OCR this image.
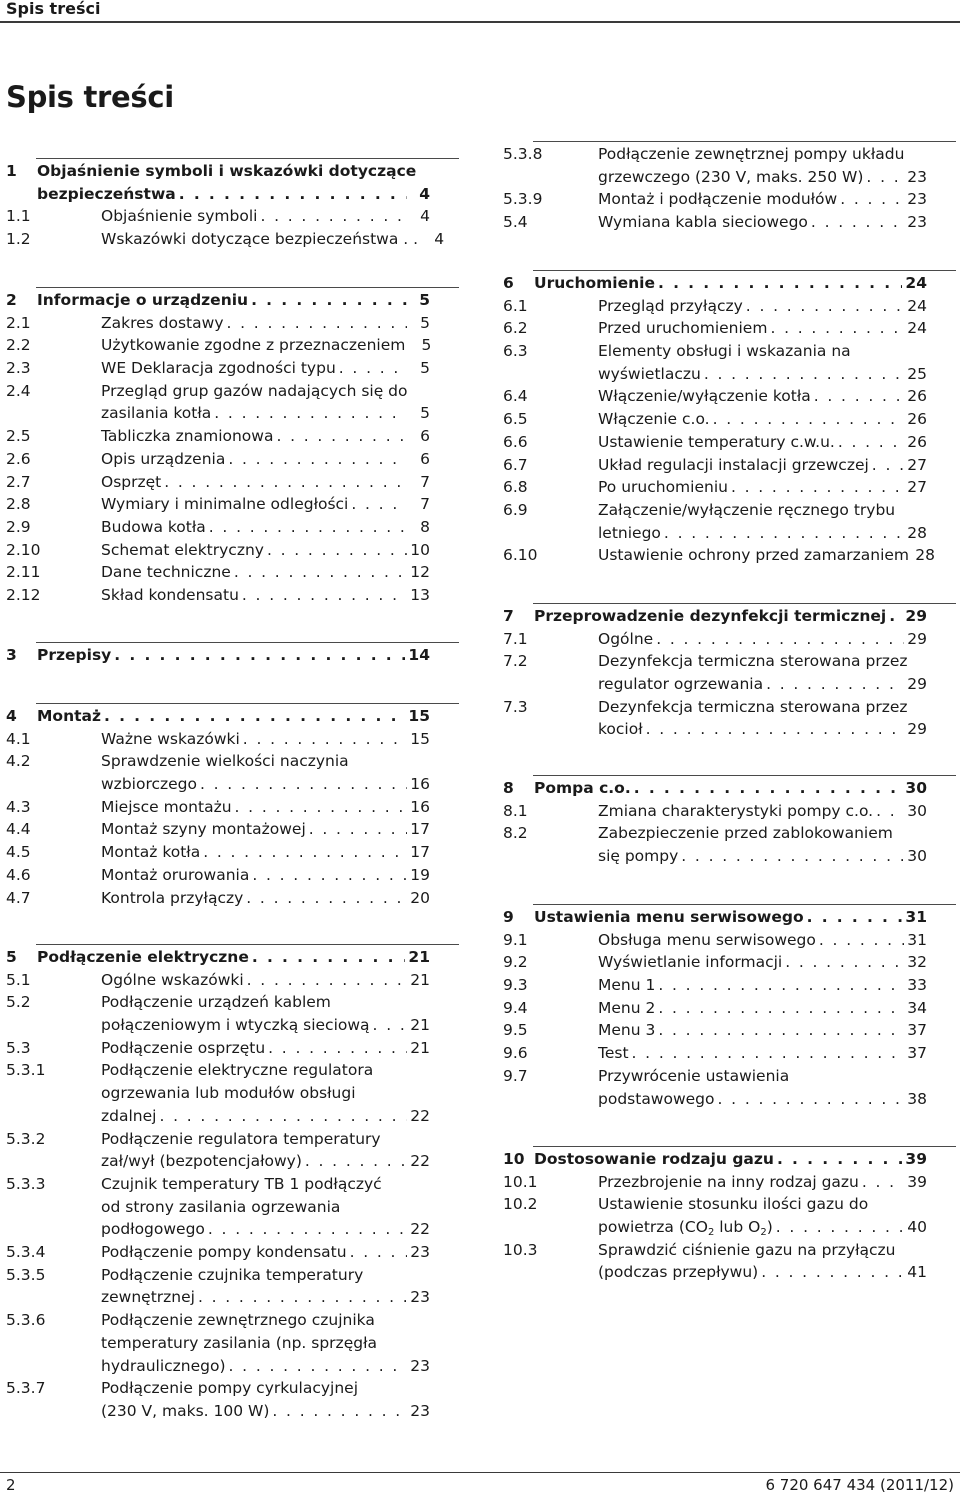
Spis treści
Spis treści
1	Objaśnienie symboli i wskazówki dotyczące
bezpieczeństwa . . .	4
1.1	Objaśnienie symboli . . .	4
1.2	Wskazówki dotyczące bezpieczeństwa . .	4
2	Informacje o urządzeniu . . .	5
2.1	Zakres dostawy . . .	5
2.2	Użytkowanie zgodne z przeznaczeniem	5
2.3	WE Deklaracja zgodności typu . . .	5
2.4	Przegląd grup gazów nadających się do
zasilania kotła . . .	5
2.5	Tabliczka znamionowa . . .	6
2.6	Opis urządzenia . . .	6
2.7	Osprzęt . . .	7
2.8	Wymiary i minimalne odległości . . .	7
2.9	Budowa kotła . . .	8
2.10	Schemat elektryczny . . .	10
2.11	Dane techniczne . . .	12
2.12	Skład kondensatu . . .	13
3	Przepisy . . .	14
4	Montaż . . .	15
4.1	Ważne wskazówki . . .	15
4.2	Sprawdzenie wielkości naczynia
wzbiorczego . . .	16
4.3	Miejsce montażu . . .	16
4.4	Montaż szyny montażowej . . .	17
4.5	Montaż kotła . . .	17
4.6	Montaż orurowania . . .	19
4.7	Kontrola przyłączy . . .	20
5	Podłączenie elektryczne . . .	21
5.1	Ogólne wskazówki . . .	21
5.2	Podłączenie urządzeń kablem
połączeniowym i wtyczką sieciową . . .	21
5.3	Podłączenie osprzętu . . .	21
5.3.1	Podłączenie elektryczne regulatora
ogrzewania lub modułów obsługi
zdalnej . . .	22
5.3.2	Podłączenie regulatora temperatury
zał/wył (bezpotencjałowy) . . .	22
5.3.3	Czujnik temperatury TB 1 podłączyć
od strony zasilania ogrzewania
podłogowego . . .	22
5.3.4	Podłączenie pompy kondensatu . . .	23
5.3.5	Podłączenie czujnika temperatury
zewnętrznej . . .	23
5.3.6	Podłączenie zewnętrznego czujnika
temperatury zasilania (np. sprzęgła
hydraulicznego) . . .	23
5.3.7	Podłączenie pompy cyrkulacyjnej
(230 V, maks. 100 W) . . .	23
5.3.8	Podłączenie zewnętrznej pompy układu
grzewczego (230 V, maks. 250 W) . . .	23
5.3.9	Montaż i podłączenie modułów . . .	23
5.4	Wymiana kabla sieciowego . . .	23
6	Uruchomienie . . .	24
6.1	Przegląd przyłączy . . .	24
6.2	Przed uruchomieniem . . .	24
6.3	Elementy obsługi i wskazania na
wyświetlaczu . . .	25
6.4	Włączenie/wyłączenie kotła . . .	26
6.5	Włączenie c.o. . . .	26
6.6	Ustawienie temperatury c.w.u. . . .	26
6.7	Układ regulacji instalacji grzewczej . . . 27
6.8	Po uruchomieniu . . .	27
6.9	Załączenie/wyłączenie ręcznego trybu
letniego . . .	28
6.10	Ustawienie ochrony przed zamarzaniem 28
7	Przeprowadzenie dezynfekcji termicznej . . . 29
7.1	Ogólne . . .	29
7.2	Dezynfekcja termiczna sterowana przez
regulator ogrzewania . . .	29
7.3	Dezynfekcja termiczna sterowana przez
kocioł . . .	29
8	Pompa c.o. . . .	30
8.1	Zmiana charakterystyki pompy c.o. . . . 30
8.2	Zabezpieczenie przed zablokowaniem
się pompy . . .	30
9	Ustawienia menu serwisowego . . .	31
9.1	Obsługa menu serwisowego . . .	31
9.2	Wyświetlanie informacji . . .	32
9.3	Menu 1 . . .	33
9.4	Menu 2 . . .	34
9.5	Menu 3 . . .	37
9.6	Test . . .	37
9.7	Przywrócenie ustawienia
podstawowego . . .	38
10 Dostosowanie rodzaju gazu . . .	39
10.1	Przezbrojenie na inny rodzaj gazu . . .	39
10.2	Ustawienie stosunku ilości gazu do
powietrza ($CO_2$ lub $O_2$) . . .	40
10.3	Sprawdzić ciśnienie gazu na przyłączu
(podczas przepływu) . . .	41
2	6 720 647 434 (2011/12)
